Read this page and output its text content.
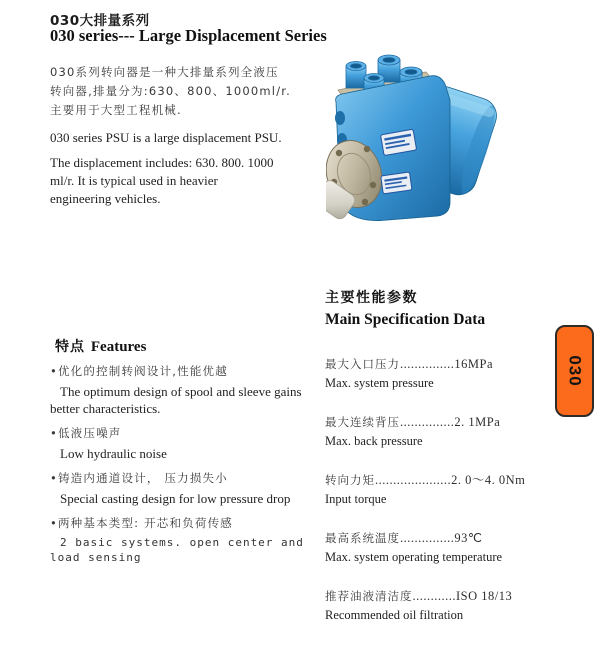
030大排量系列
030 series--- Large Displacement Series
030系列转向器是一种大排量系列全液压
转向器,排量分为:630、800、1000ml/r.
主要用于大型工程机械.
030 series PSU is a large displacement PSU.
The displacement includes: 630. 800. 1000
ml/r. It is typical used in heavier
engineering vehicles.
主要性能参数
Main Specification Data
最大入口压力...............16MPa
Max. system pressure
最大连续背压...............2. 1MPa
Max. back pressure
转向力矩.....................2. 0～4. 0Nm
Input torque
最高系统温度...............93℃
Max. system operating temperature
推荐油液清洁度............ISO 18/13
Recommended oil filtration
特点 Features
•优化的控制转阀设计,性能优越
The optimum design of spool and sleeve gains better characteristics.
•低液压噪声
Low hydraulic noise
•铸造内通道设计， 压力损失小
Special casting design for low pressure drop
•两种基本类型: 开芯和负荷传感
2 basic systems. open center and load sensing
030
